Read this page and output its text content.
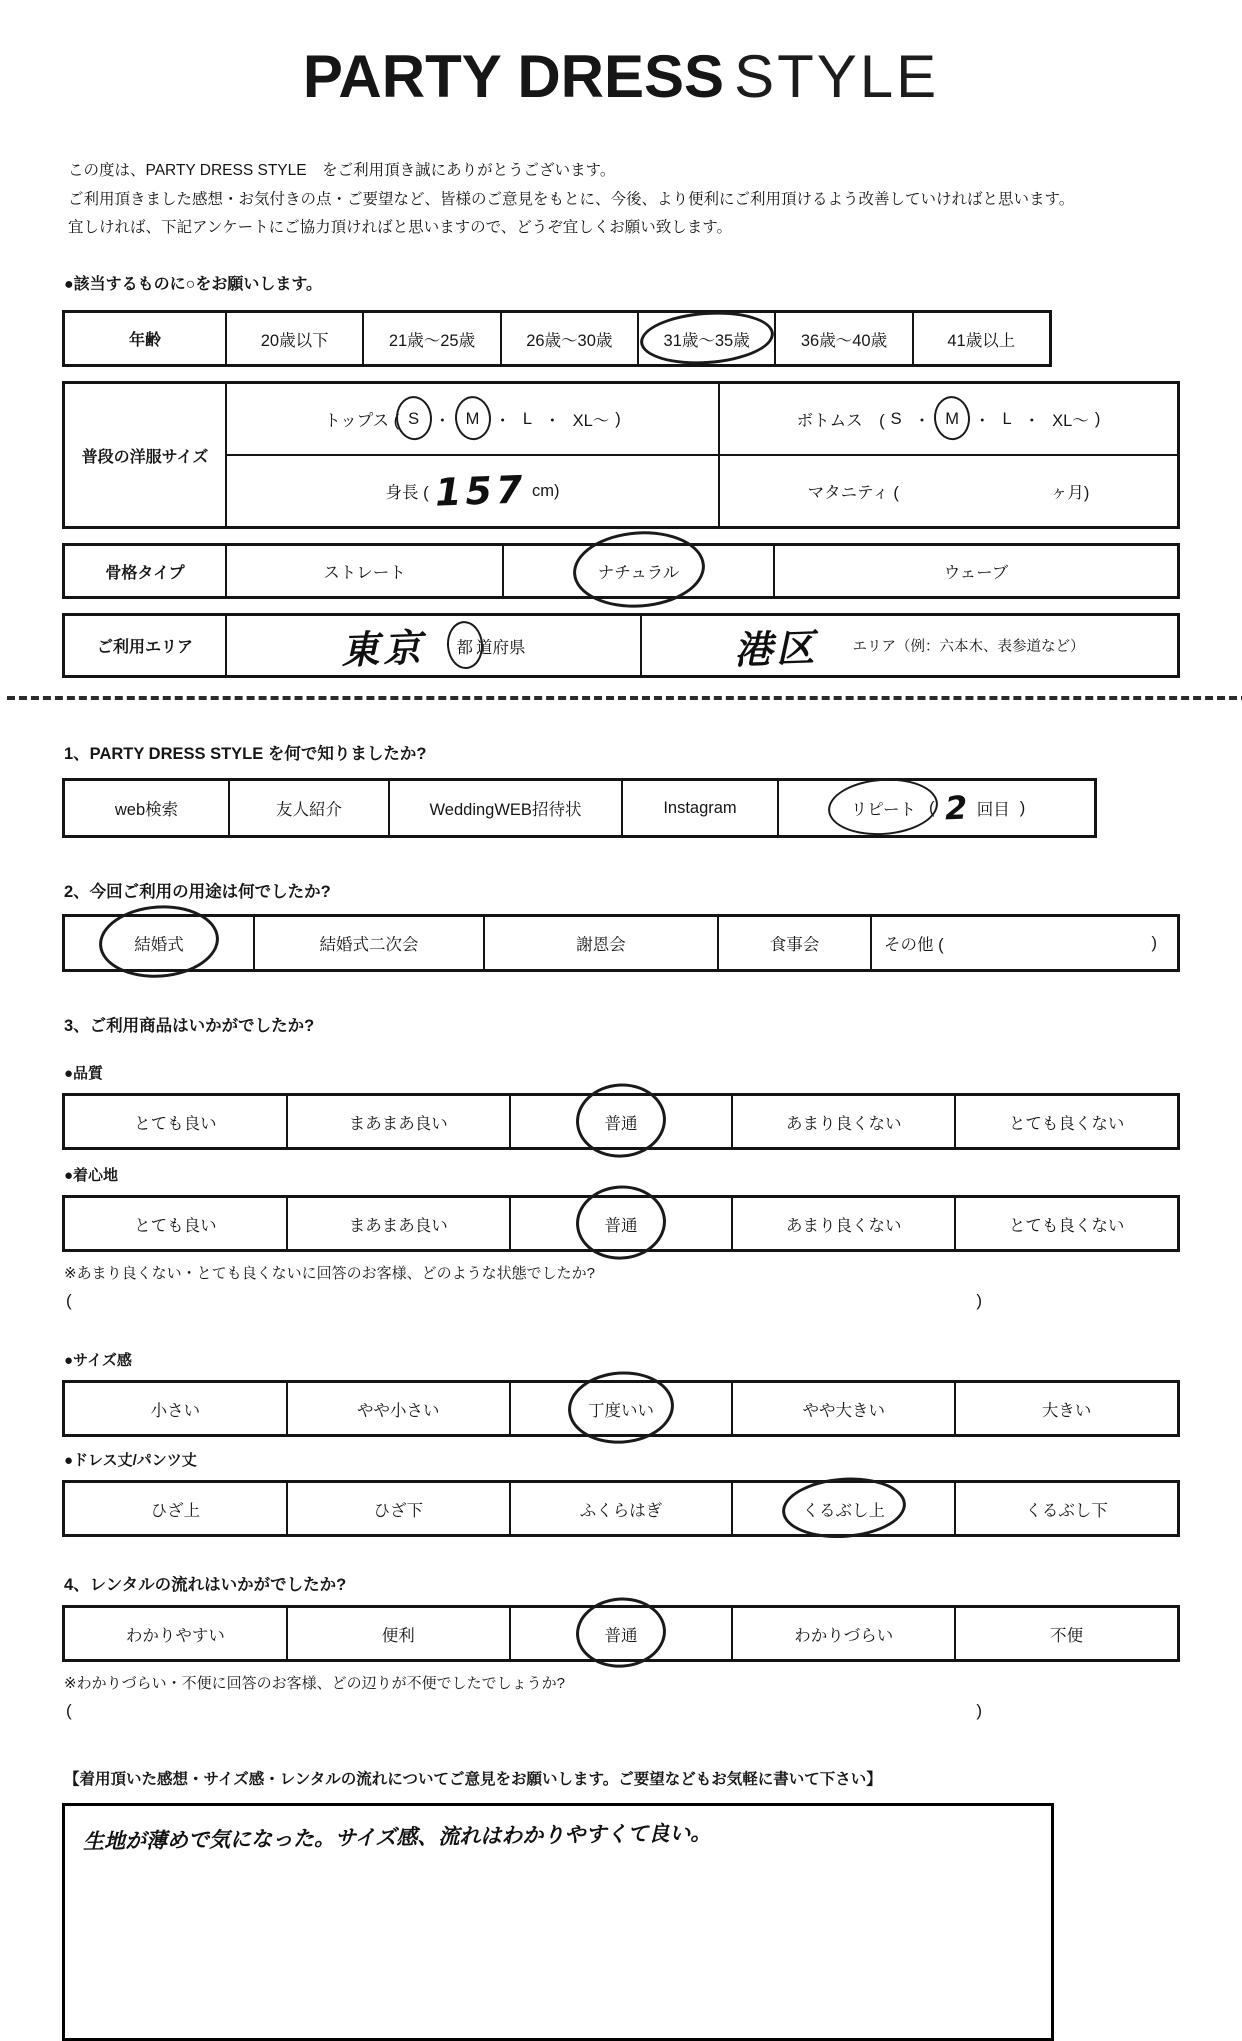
PARTY DRESS STYLE

この度は、PARTY DRESS STYLE　をご利用頂き誠にありがとうございます。
ご利用頂きました感想・お気付きの点・ご要望など、皆様のご意見をもとに、今後、より便利にご利用頂けるよう改善していければと思います。
宜しければ、下記アンケートにご協力頂ければと思いますので、どうぞ宜しくお願い致します。

●該当するものに○をお願いします。

年齢	20歳以下	21歳〜25歳	26歳〜30歳	31歳〜35歳	36歳〜40歳	41歳以上
普段の洋服サイズ
トップス ( S ・ M ・ L ・ XL〜 )	ボトムス　( S ・ M ・ L ・ XL〜 )
身長 ( 157 cm)	マタニティ (	ヶ月)
骨格タイプ	ストレート	ナチュラル	ウェーブ
ご利用エリア	東京 都 道府県	港区 エリア（例：六本木、表参道など）

1、PARTY DRESS STYLE を何で知りましたか?

web検索	友人紹介	WeddingWEB招待状	Instagram	リピート ( 2 回目 )

2、今回ご利用の用途は何でしたか?

結婚式	結婚式二次会	謝恩会	食事会	その他 (	)

3、ご利用商品はいかがでしたか?

●品質

とても良い	まあまあ良い	普通	あまり良くない	とても良くない

●着心地

とても良い	まあまあ良い	普通	あまり良くない	とても良くない

※あまり良くない・とても良くないに回答のお客様、どのような状態でしたか?

(	)

●サイズ感

小さい	やや小さい	丁度いい	やや大きい	大きい

●ドレス丈/パンツ丈

ひざ上	ひざ下	ふくらはぎ	くるぶし上	くるぶし下

4、レンタルの流れはいかがでしたか?

わかりやすい	便利	普通	わかりづらい	不便

※わかりづらい・不便に回答のお客様、どの辺りが不便でしたでしょうか?

(	)

【着用頂いた感想・サイズ感・レンタルの流れについてご意見をお願いします。ご要望などもお気軽に書いて下さい】

生地が薄めで気になった。サイズ感、流れはわかりやすくて良い。
